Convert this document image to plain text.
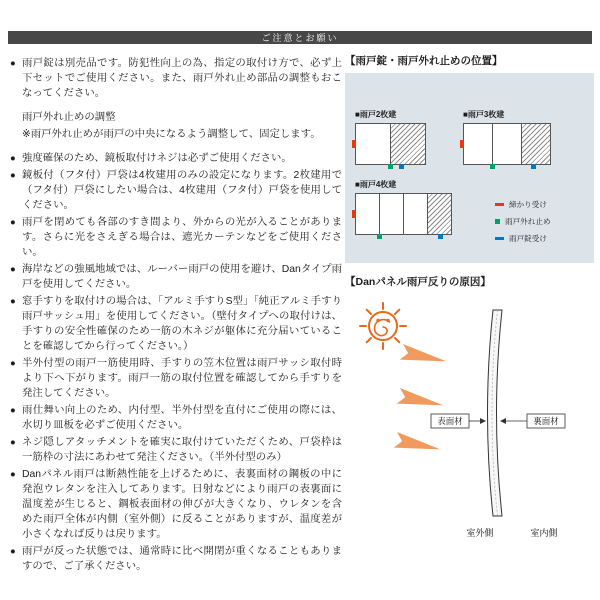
ご注意とお願い
● 雨戸錠は別売品です。防犯性向上の為、指定の取付け方で、必ず上下セットでご使用ください。また、雨戸外れ止め部品の調整もおこなってください。
雨戸外れ止めの調整
※雨戸外れ止めが雨戸の中央になるよう調整して、固定します。
● 強度確保のため、鏡板取付けネジは必ずご使用ください。
● 鏡板付（フタ付）戸袋は4枚建用のみの設定になります。2枚建用で（フタ付）戸袋にしたい場合は、4枚建用（フタ付）戸袋を使用してください。
● 雨戸を閉めても各部のすき間より、外からの光が入ることがあります。さらに光をさえぎる場合は、遮光カーテンなどをご使用ください。
● 海岸などの強風地域では、ルーバー雨戸の使用を避け、Danタイプ雨戸を使用してください。
● 窓手すりを取付けの場合は、「アルミ手すりS型」「純正アルミ手すり雨戸サッシュ用」を使用してください。（壁付タイプへの取付けは、手すりの安全性確保のため一筋の木ネジが躯体に充分届いていることを確認してから行ってください。）
● 半外付型の雨戸一筋使用時、手すりの笠木位置は雨戸サッシ取付時より下へ下がります。雨戸一筋の取付位置を確認してから手すりを発注してください。
● 雨仕舞い向上のため、内付型、半外付型を直付にご使用の際には、水切り皿板を必ずご使用ください。
● ネジ隠しアタッチメントを確実に取付けていただくため、戸袋枠は一筋枠の寸法にあわせて発注ください。（半外付型のみ）
● Danパネル雨戸は断熱性能を上げるために、表裏面材の鋼板の中に発泡ウレタンを注入してあります。日射などにより雨戸の表裏面に温度差が生じると、鋼板表面材の伸びが大きくなり、ウレタンを含めた雨戸全体が内側（室外側）に反ることがありますが、温度差が小さくなれば反りは戻ります。
● 雨戸が反った状態では、通常時に比べ開閉が重くなることもありますので、ご了承ください。
【雨戸錠・雨戸外れ止めの位置】
■雨戸2枚建	■雨戸3枚建
■雨戸4枚建
締かり受け
雨戸外れ止め
雨戸錠受け
【Danパネル雨戸反りの原因】
表面材	裏面材
室外側	室内側
